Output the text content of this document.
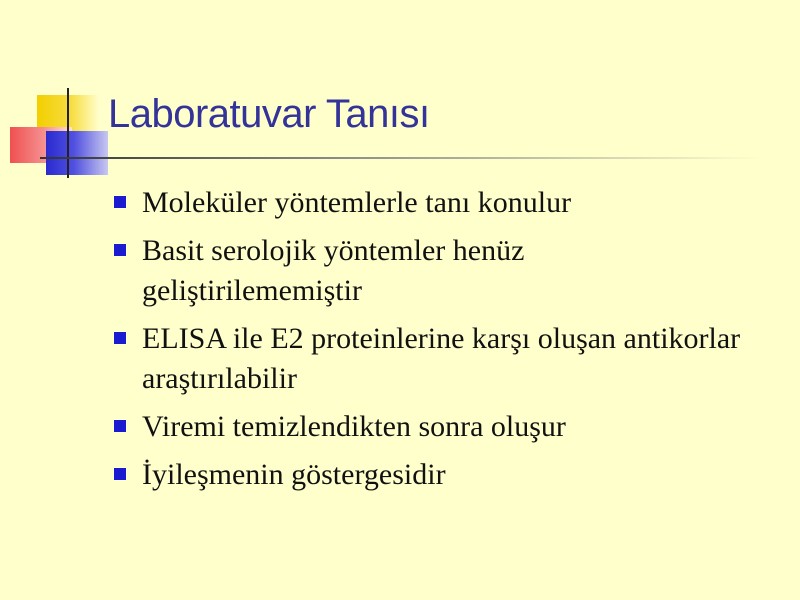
Laboratuvar Tanısı
Moleküler yöntemlerle tanı konulur
Basit serolojik yöntemler henüz geliştirilememiştir
ELISA ile E2 proteinlerine karşı oluşan antikorlar araştırılabilir
Viremi temizlendikten sonra oluşur
İyileşmenin göstergesidir
